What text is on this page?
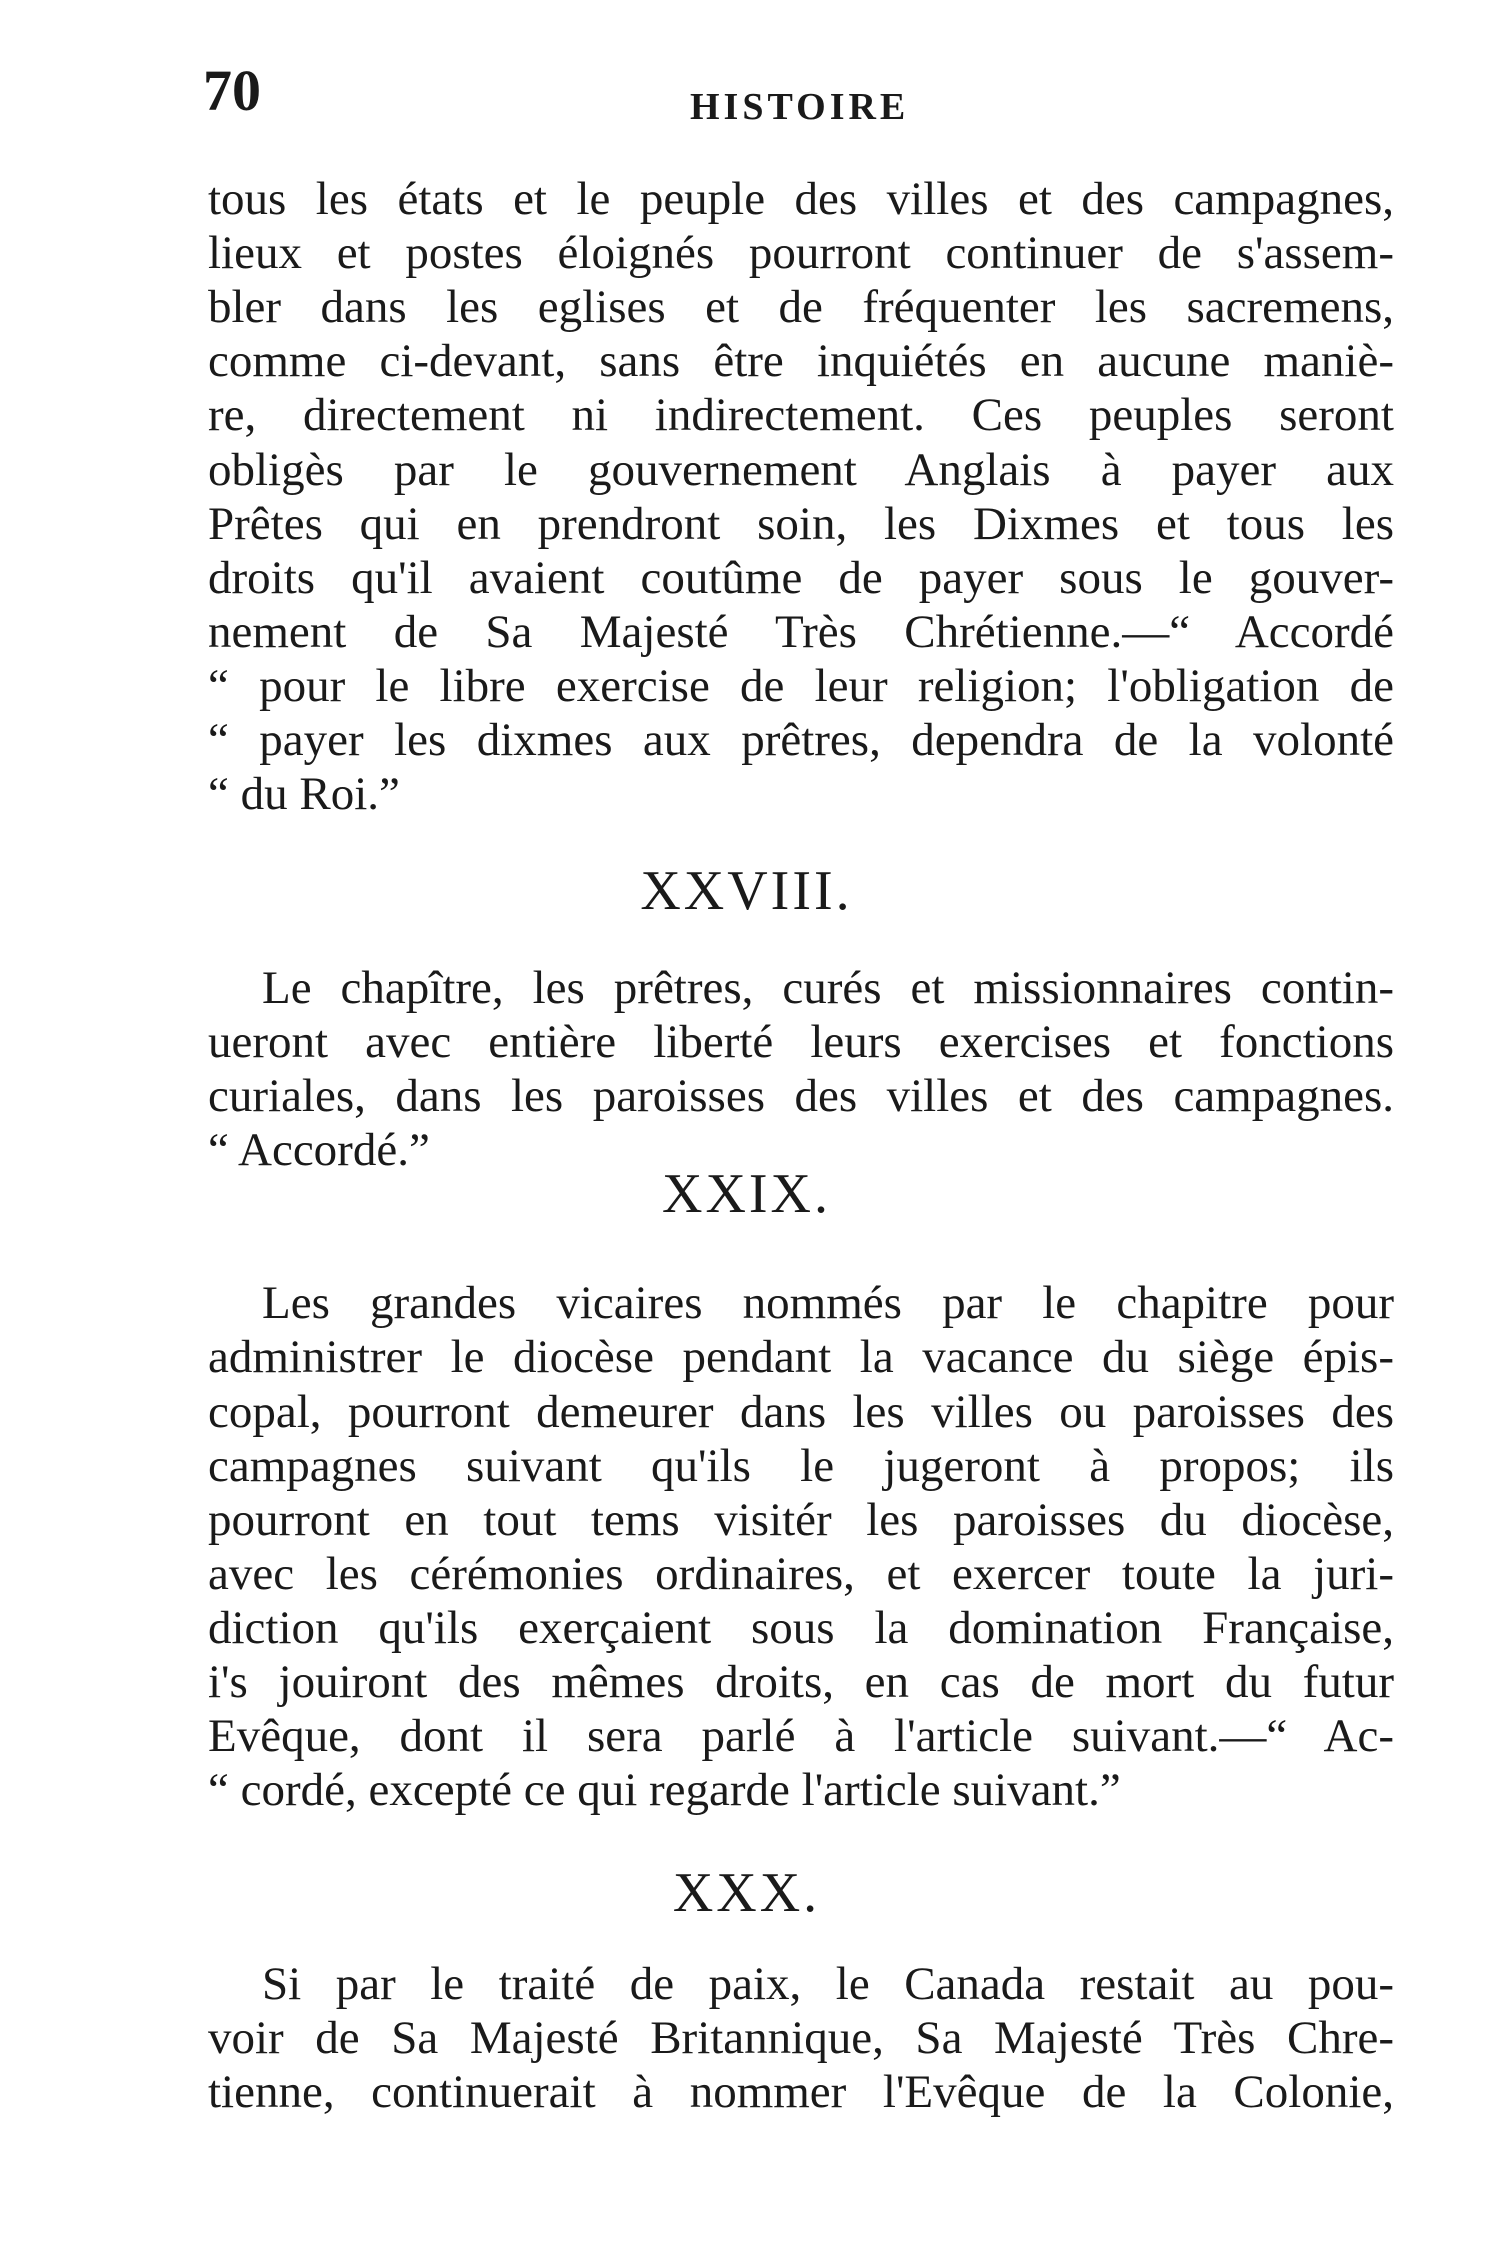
70	HISTOIRE
tous les états et le peuple des villes et des campagnes,
lieux et postes éloignés pourront continuer de s'assem-
bler dans les eglises et de fréquenter les sacremens,
comme ci-devant, sans être inquiétés en aucune maniè-
re, directement ni indirectement. Ces peuples seront
obligès par le gouvernement Anglais à payer aux
Prêtes qui en prendront soin, les Dixmes et tous les
droits qu'il avaient coutûme de payer sous le gouver-
nement de Sa Majesté Très Chrétienne.—“ Accordé
“ pour le libre exercise de leur religion; l'obligation de
“ payer les dixmes aux prêtres, dependra de la volonté
“ du Roi.”
XXVIII.
Le chapître, les prêtres, curés et missionnaires contin-
ueront avec entière liberté leurs exercises et fonctions
curiales, dans les paroisses des villes et des campagnes.
“ Accordé.”
XXIX.
Les grandes vicaires nommés par le chapitre pour
administrer le diocèse pendant la vacance du siège épis-
copal, pourront demeurer dans les villes ou paroisses des
campagnes suivant qu'ils le jugeront à propos; ils
pourront en tout tems visitér les paroisses du diocèse,
avec les cérémonies ordinaires, et exercer toute la juri-
diction qu'ils exerçaient sous la domination Française,
i's jouiront des mêmes droits, en cas de mort du futur
Evêque, dont il sera parlé à l'article suivant.—“ Ac-
“ cordé, excepté ce qui regarde l'article suivant.”
XXX.
Si par le traité de paix, le Canada restait au pou-
voir de Sa Majesté Britannique, Sa Majesté Très Chre-
tienne, continuerait à nommer l'Evêque de la Colonie,
